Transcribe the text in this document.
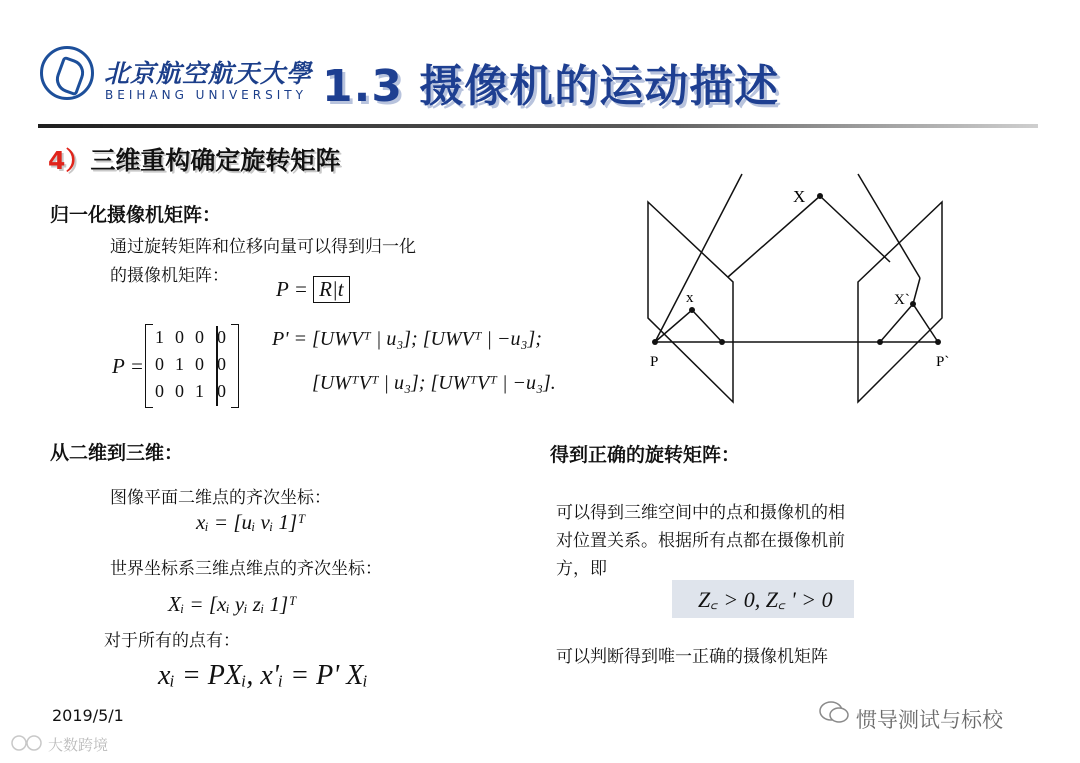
北京航空航天大學
BEIHANG UNIVERSITY 1.3 摄像机的运动描述
4）三维重构确定旋转矩阵
归一化摄像机矩阵：
通过旋转矩阵和位移向量可以得到归一化
的摄像机矩阵：
P = R|t
P =
1 0 0 0
0 1 0 0
0 0 1 0
P' = [UWVᵀ | u₃]; [UWVᵀ | −u₃];
[UWᵀVᵀ | u₃]; [UWᵀVᵀ | −u₃].
X
x	X`
P	P`
从二维到三维：
图像平面二维点的齐次坐标：
xᵢ = [uᵢ vᵢ 1]ᵀ
世界坐标系三维点维点的齐次坐标：
Xᵢ = [xᵢ yᵢ zᵢ 1]ᵀ
对于所有的点有：
xᵢ = PXᵢ, x'ᵢ = P' Xᵢ
得到正确的旋转矩阵：
可以得到三维空间中的点和摄像机的相
对位置关系。根据所有点都在摄像机前
方，即
Z꜀ > 0, Z꜀ ' > 0
可以判断得到唯一正确的摄像机矩阵
2019/5/1	惯导测试与标校
大数跨境
